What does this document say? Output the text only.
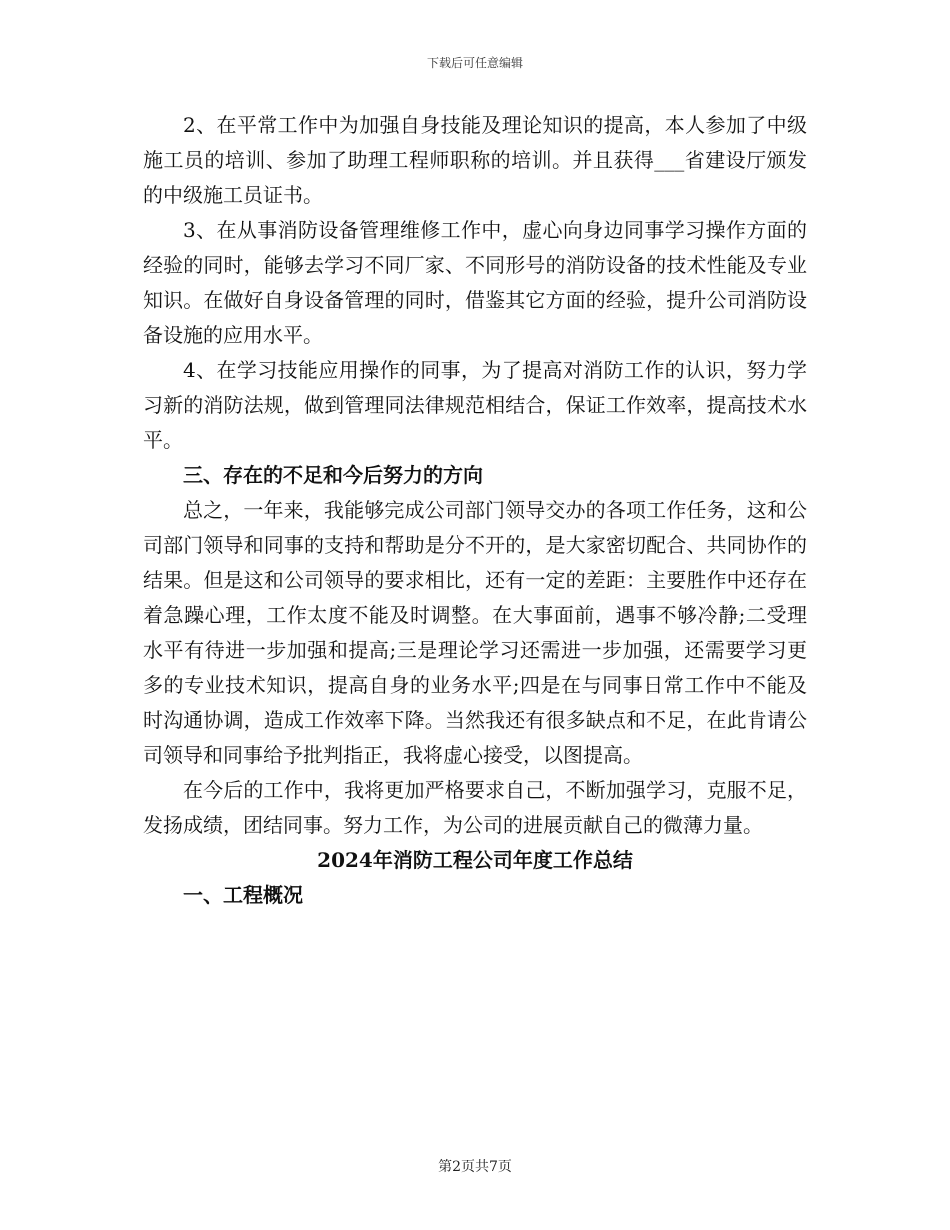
下载后可任意编辑

2、在平常工作中为加强自身技能及理论知识的提高，本人参加了中级施工员的培训、参加了助理工程师职称的培训。并且获得___省建设厅颁发的中级施工员证书。

3、在从事消防设备管理维修工作中，虚心向身边同事学习操作方面的经验的同时，能够去学习不同厂家、不同形号的消防设备的技术性能及专业知识。在做好自身设备管理的同时，借鉴其它方面的经验，提升公司消防设备设施的应用水平。

4、在学习技能应用操作的同事，为了提高对消防工作的认识，努力学习新的消防法规，做到管理同法律规范相结合，保证工作效率，提高技术水平。

三、存在的不足和今后努力的方向

总之，一年来，我能够完成公司部门领导交办的各项工作任务，这和公司部门领导和同事的支持和帮助是分不开的，是大家密切配合、共同协作的结果。但是这和公司领导的要求相比，还有一定的差距：主要胜作中还存在着急躁心理，工作太度不能及时调整。在大事面前，遇事不够冷静;二受理水平有待进一步加强和提高;三是理论学习还需进一步加强，还需要学习更多的专业技术知识，提高自身的业务水平;四是在与同事日常工作中不能及时沟通协调，造成工作效率下降。当然我还有很多缺点和不足，在此肯请公司领导和同事给予批判指正，我将虚心接受，以图提高。

在今后的工作中，我将更加严格要求自己，不断加强学习，克服不足，发扬成绩，团结同事。努力工作，为公司的进展贡献自己的微薄力量。

2024年消防工程公司年度工作总结

一、工程概况

第2页共7页
